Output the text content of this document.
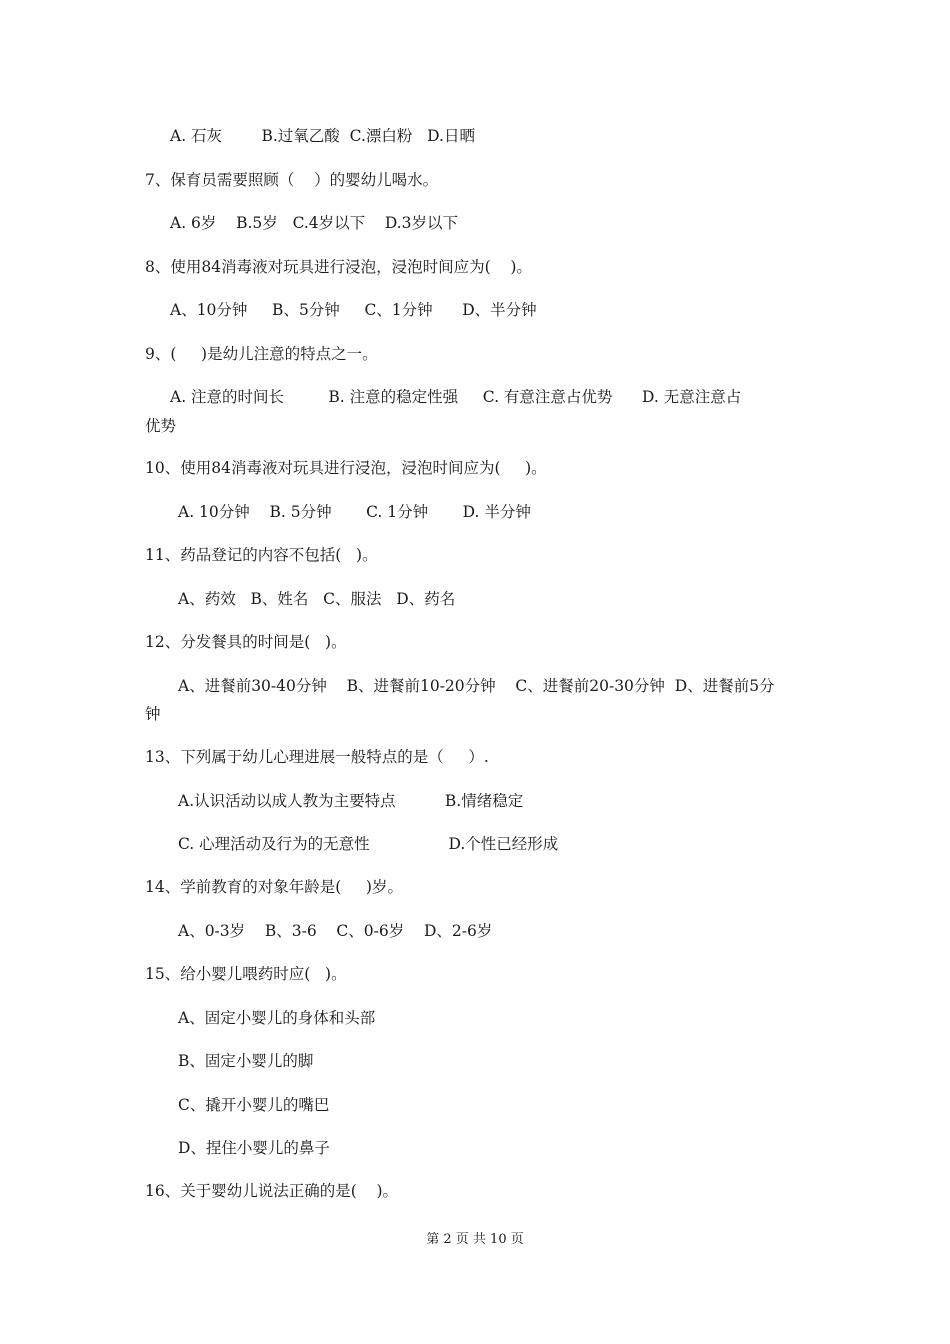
A. 石灰        B.过氧乙酸  C.漂白粉   D.日晒
7、保育员需要照顾（    ）的婴幼儿喝水。
A. 6岁    B.5岁   C.4岁以下    D.3岁以下
8、使用84消毒液对玩具进行浸泡，浸泡时间应为(    )。
A、10分钟     B、5分钟     C、1分钟      D、半分钟
9、(     )是幼儿注意的特点之一。
A. 注意的时间长         B. 注意的稳定性强     C. 有意注意占优势      D. 无意注意占
优势
10、使用84消毒液对玩具进行浸泡，浸泡时间应为(     )。
A. 10分钟    B. 5分钟       C. 1分钟       D. 半分钟
11、药品登记的内容不包括(   )。
A、药效   B、姓名   C、服法   D、药名
12、分发餐具的时间是(   )。
A、进餐前30-40分钟    B、进餐前10-20分钟    C、进餐前20-30分钟  D、进餐前5分
钟
13、下列属于幼儿心理进展一般特点的是（     ）.
A.认识活动以成人教为主要特点          B.情绪稳定
C. 心理活动及行为的无意性                D.个性已经形成
14、学前教育的对象年龄是(     )岁。
A、0-3岁    B、3-6    C、0-6岁    D、2-6岁
15、给小婴儿喂药时应(   )。
A、固定小婴儿的身体和头部
B、固定小婴儿的脚
C、撬开小婴儿的嘴巴
D、捏住小婴儿的鼻子
16、关于婴幼儿说法正确的是(    )。
第 2 页 共 10 页
